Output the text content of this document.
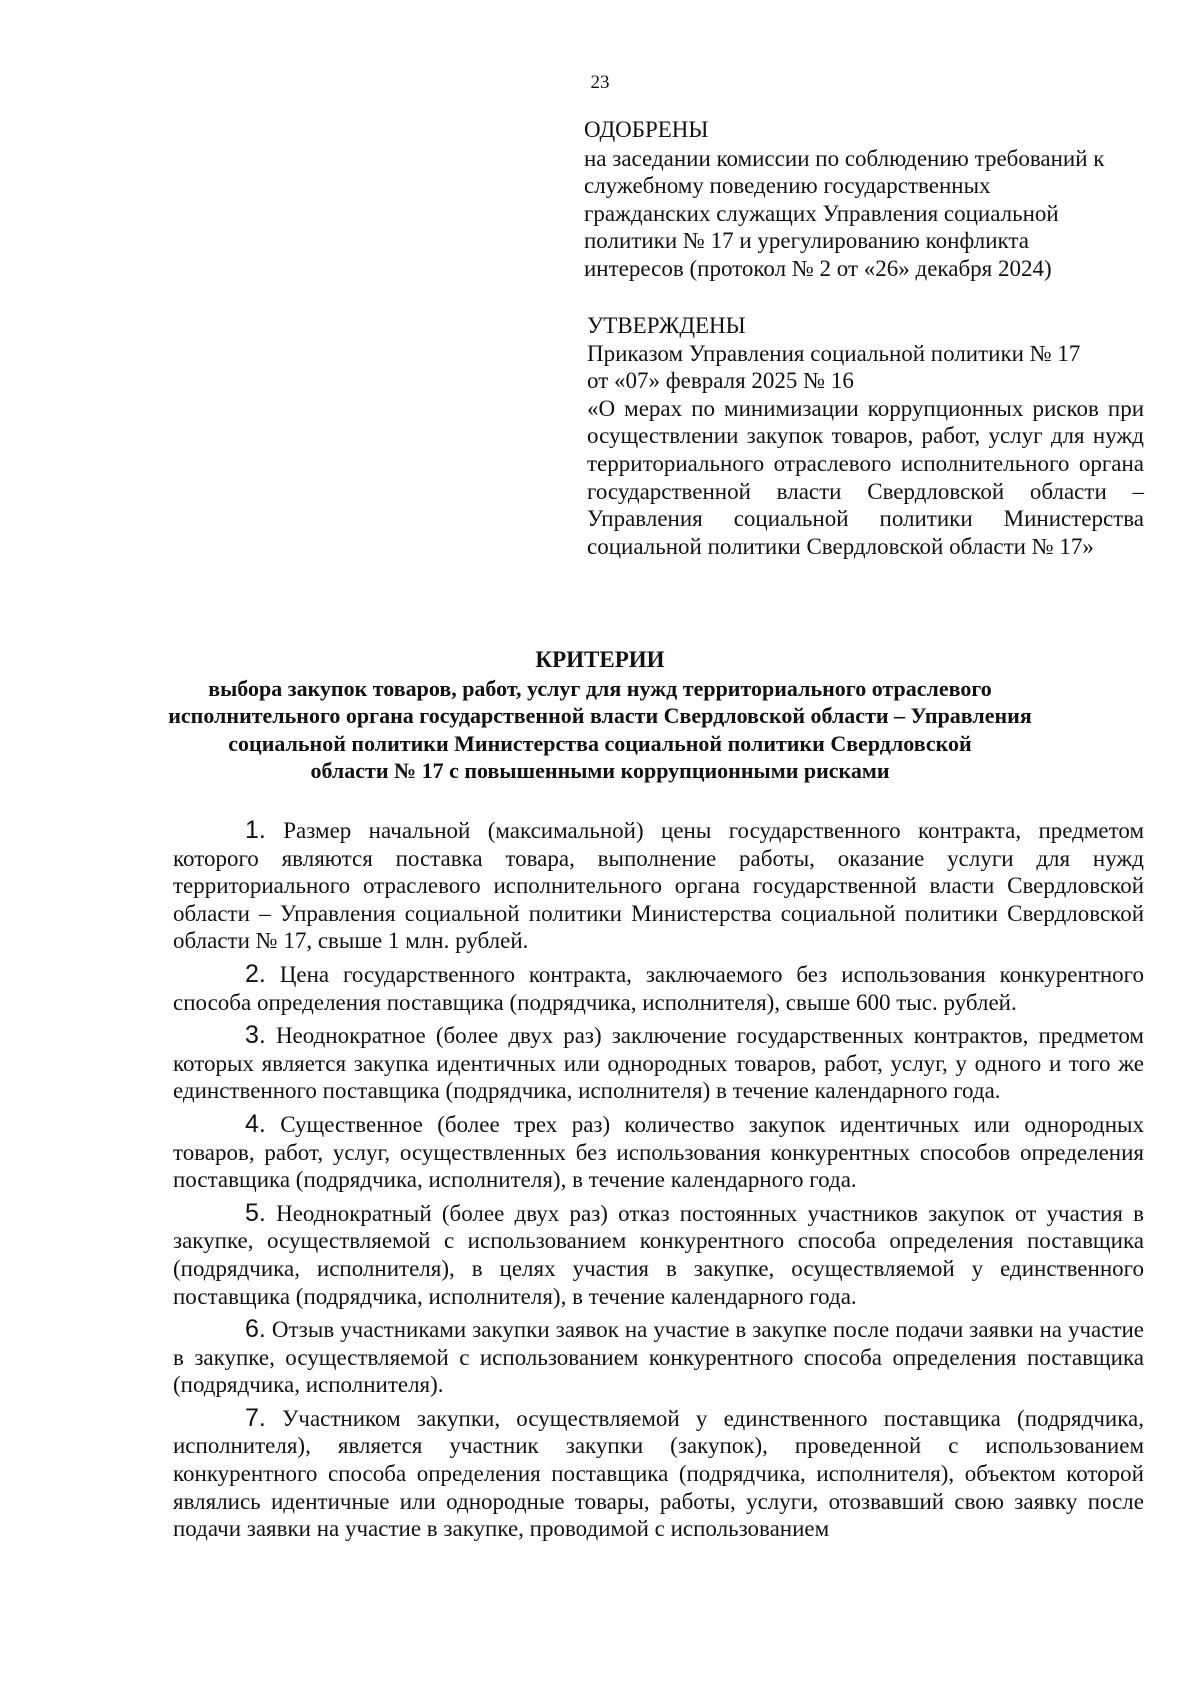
23
ОДОБРЕНЫ
на заседании комиссии по соблюдению требований к
служебному поведению государственных
гражданских служащих Управления социальной
политики № 17 и урегулированию конфликта
интересов (протокол № 2 от «26» декабря 2024)
УТВЕРЖДЕНЫ
Приказом Управления социальной политики № 17
от «07» февраля 2025 № 16
«О мерах по минимизации коррупционных рисков при осуществлении закупок товаров, работ, услуг для нужд территориального отраслевого исполнительного органа государственной власти Свердловской области – Управления социальной политики Министерства социальной политики Свердловской области № 17»
КРИТЕРИИ
выбора закупок товаров, работ, услуг для нужд территориального отраслевого
исполнительного органа государственной власти Свердловской области – Управления
социальной политики Министерства социальной политики Свердловской
области № 17 с повышенными коррупционными рисками

1. Размер начальной (максимальной) цены государственного контракта, предметом которого являются поставка товара, выполнение работы, оказание услуги для нужд территориального отраслевого исполнительного органа государственной власти Свердловской области – Управления социальной политики Министерства социальной политики Свердловской области № 17, свыше 1 млн. рублей.

2. Цена государственного контракта, заключаемого без использования конкурентного способа определения поставщика (подрядчика, исполнителя), свыше 600 тыс. рублей.

3. Неоднократное (более двух раз) заключение государственных контрактов, предметом которых является закупка идентичных или однородных товаров, работ, услуг, у одного и того же единственного поставщика (подрядчика, исполнителя) в течение календарного года.

4. Существенное (более трех раз) количество закупок идентичных или однородных товаров, работ, услуг, осуществленных без использования конкурентных способов определения поставщика (подрядчика, исполнителя), в течение календарного года.

5. Неоднократный (более двух раз) отказ постоянных участников закупок от участия в закупке, осуществляемой с использованием конкурентного способа определения поставщика (подрядчика, исполнителя), в целях участия в закупке, осуществляемой у единственного поставщика (подрядчика, исполнителя), в течение календарного года.

6. Отзыв участниками закупки заявок на участие в закупке после подачи заявки на участие в закупке, осуществляемой с использованием конкурентного способа определения поставщика (подрядчика, исполнителя).

7. Участником закупки, осуществляемой у единственного поставщика (подрядчика, исполнителя), является участник закупки (закупок), проведенной с использованием конкурентного способа определения поставщика (подрядчика, исполнителя), объектом которой являлись идентичные или однородные товары, работы, услуги, отозвавший свою заявку после подачи заявки на участие в закупке, проводимой с использованием
